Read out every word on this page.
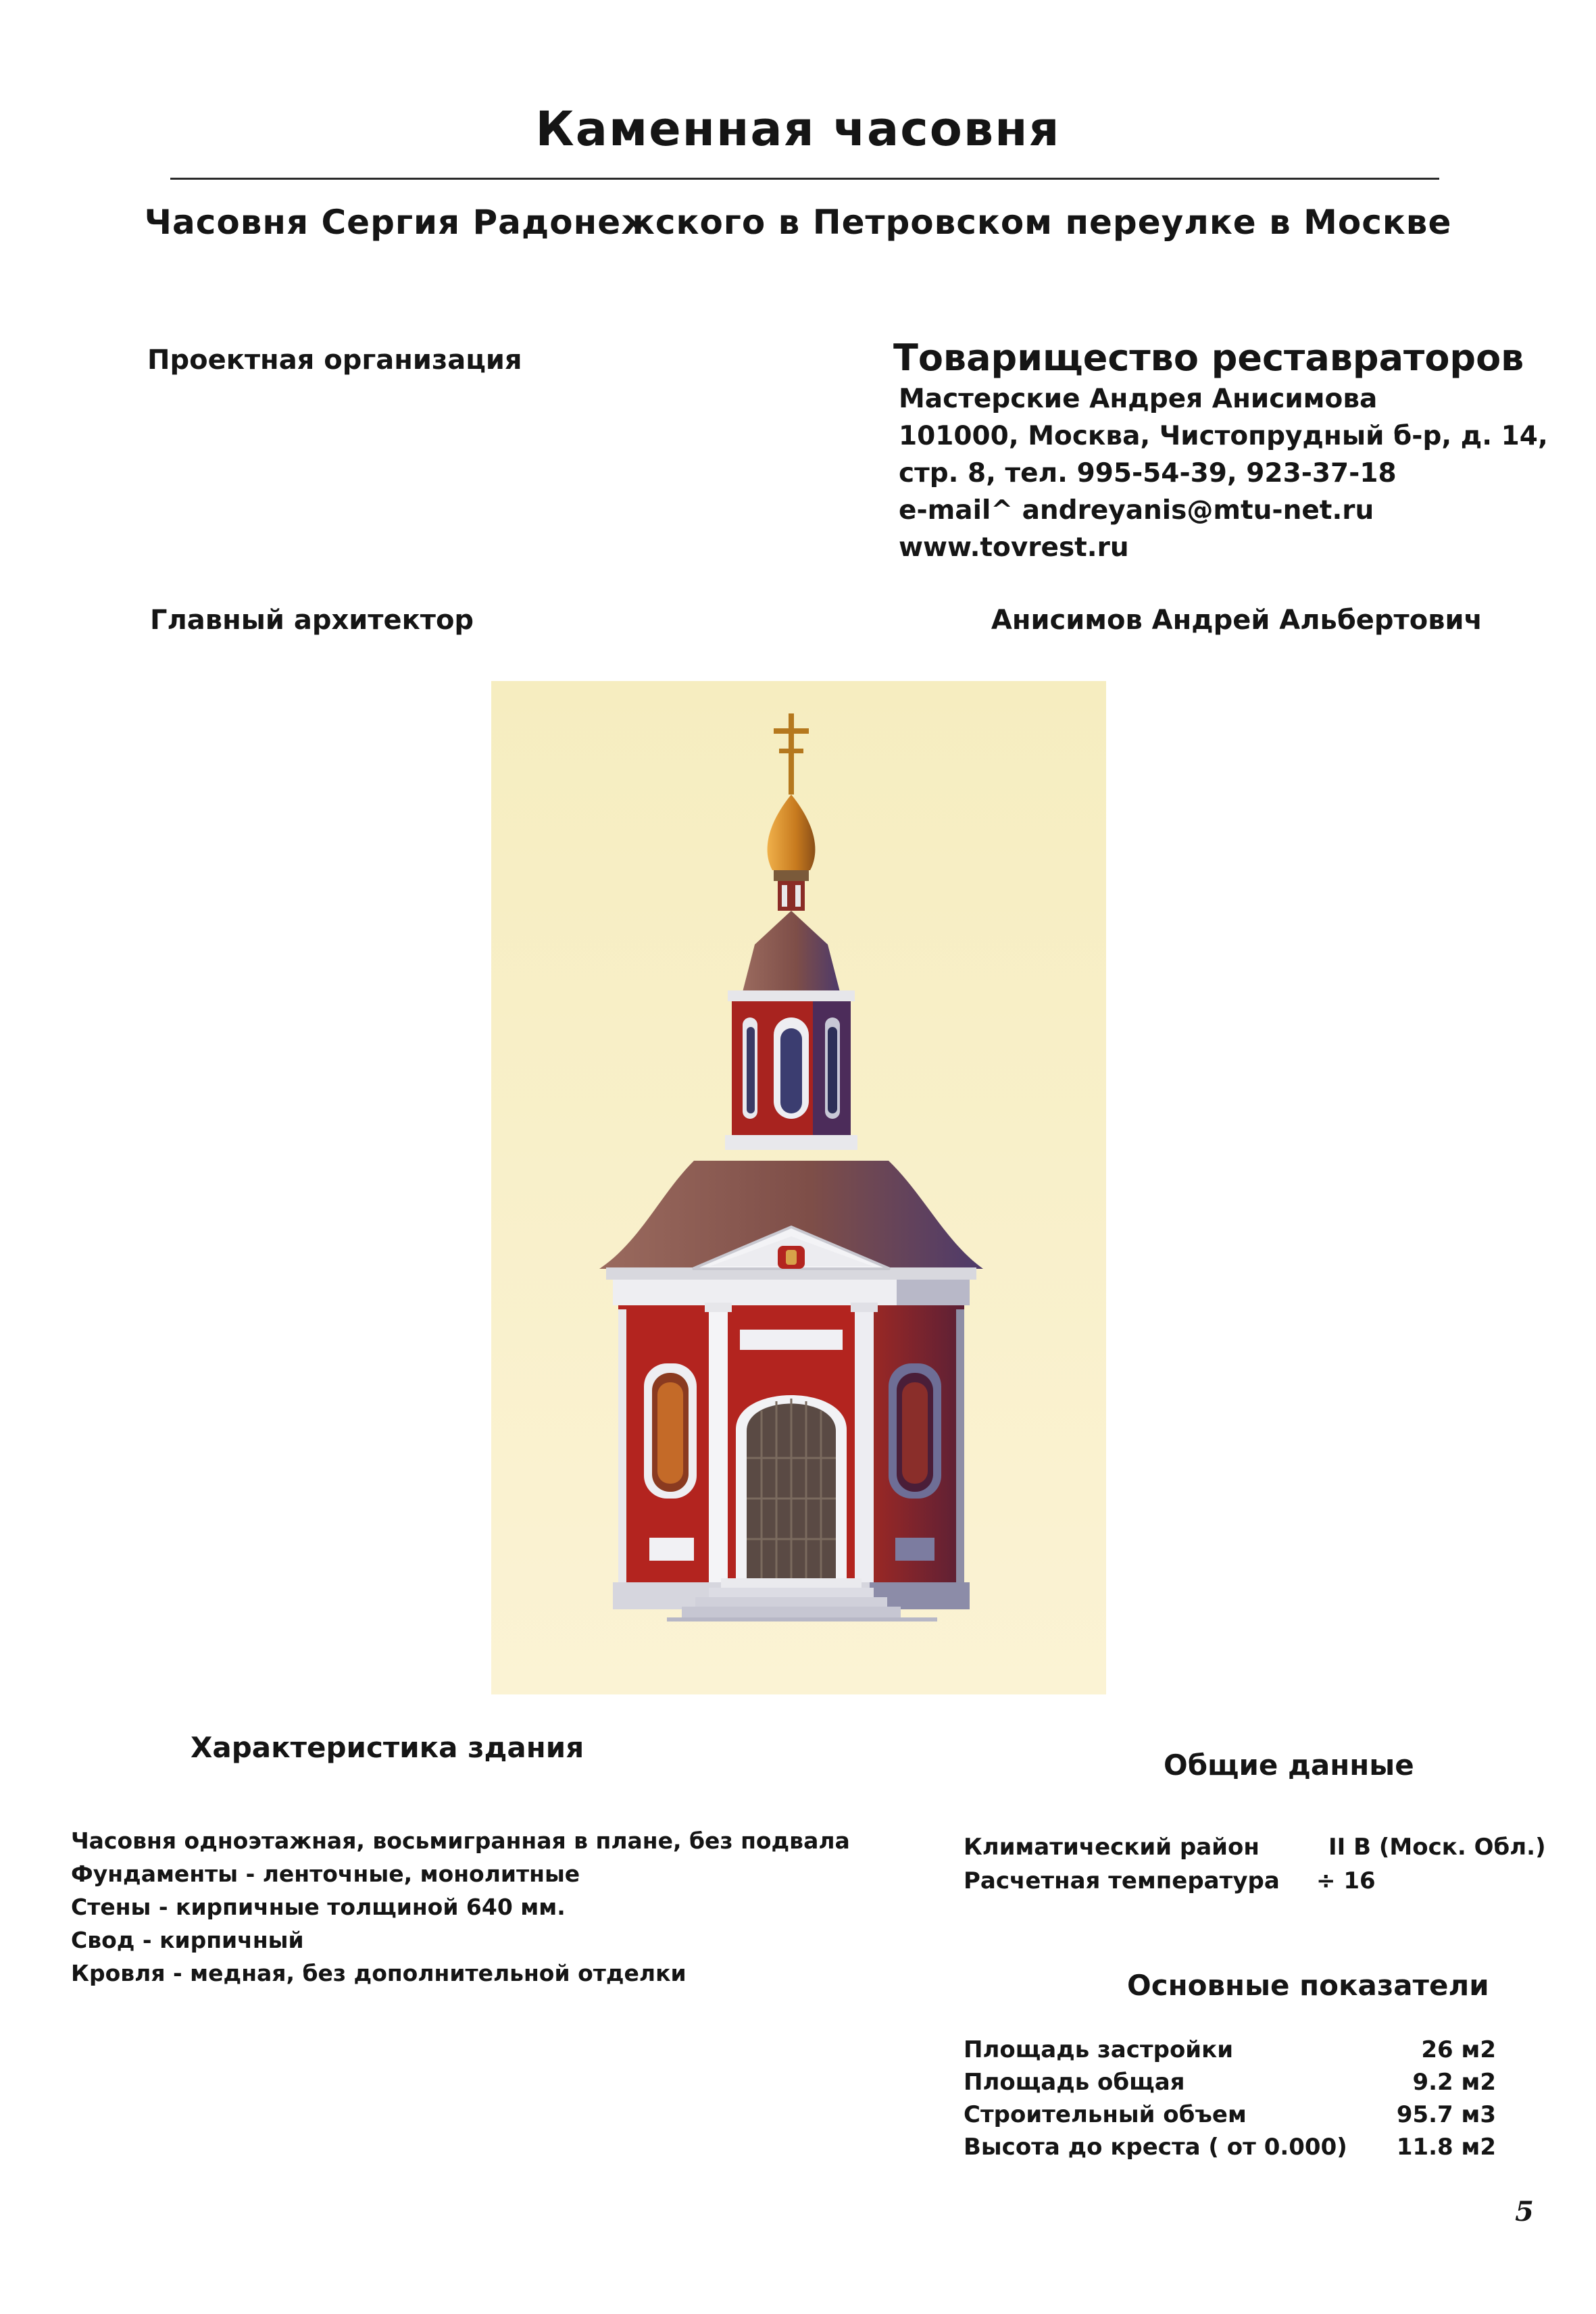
Каменная часовня
Часовня Сергия Радонежского в Петровском переулке в Москве
Проектная организация	Товарищество реставраторов
Мастерские Андрея Анисимова
101000, Москва, Чистопрудный б-р, д. 14,
стр. 8, тел. 995-54-39, 923-37-18
e-mail^ andreyanis@mtu-net.ru
www.tovrest.ru
Главный архитектор	Анисимов Андрей Альбертович
Характеристика здания
Часовня одноэтажная, восьмигранная в плане, без подвала
Фундаменты - ленточные, монолитные
Стены - кирпичные толщиной 640 мм.
Свод - кирпичный
Кровля - медная, без дополнительной отделки
Общие данные
Климатический район	II В (Моск. Обл.)
Расчетная температура ÷ 16
Основные показатели
Площадь застройки	26 м2
Площадь общая	9.2 м2
Строительный объем	95.7 м3
Высота до креста ( от 0.000) 11.8 м2
5
